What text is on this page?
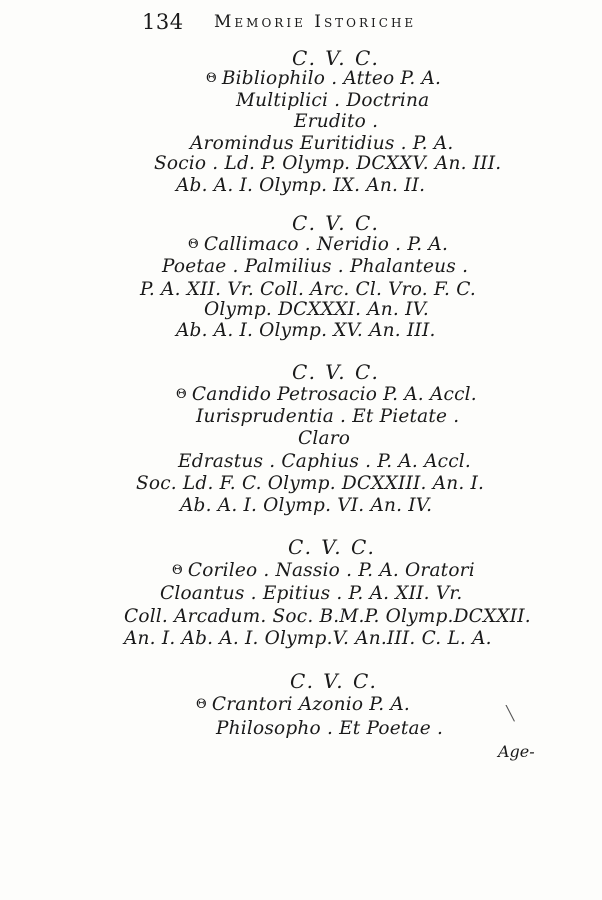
134 Memorie Istoriche
C. V. C.
Θ Bibliophilo . Atteo P. A.
Multiplici . Doctrina
Erudito .
Aromindus Euritidius . P. A.
Socio . Ld. P. Olymp. DCXXV. An. III.
Ab. A. I. Olymp. IX. An. II.
C. V. C.
Θ Callimaco . Neridio . P. A.
Poetae . Palmilius . Phalanteus .
P. A. XII. Vr. Coll. Arc. Cl. Vro. F. C.
Olymp. DCXXXI. An. IV.
Ab. A. I. Olymp. XV. An. III.
C. V. C.
Θ Candido Petrosacio P. A. Accl.
Iurisprudentia . Et Pietate .
Claro
Edrastus . Caphius . P. A. Accl.
Soc. Ld. F. C. Olymp. DCXXIII. An. I.
Ab. A. I. Olymp. VI. An. IV.
C. V. C.
Θ Corileo . Nassio . P. A. Oratori
Cloantus . Epitius . P. A. XII. Vr.
Coll. Arcadum. Soc. B.M.P. Olymp.DCXXII.
An. I. Ab. A. I. Olymp.V. An.III. C. L. A.
C. V. C.
Θ Crantori Azonio P. A.
Philosopho . Et Poetae .
╲
Age-
